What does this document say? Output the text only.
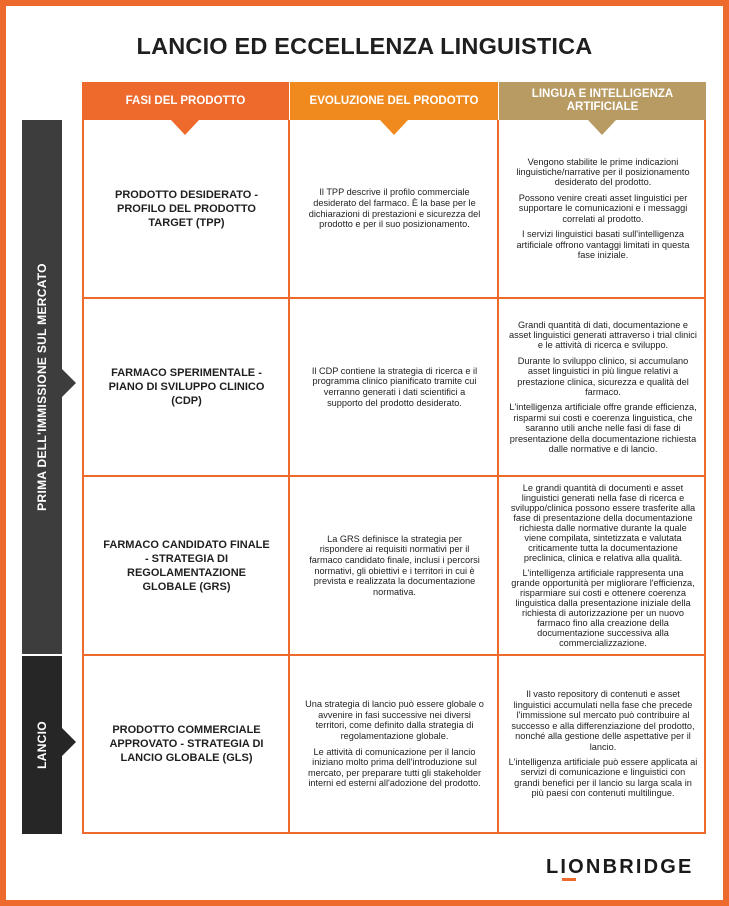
LANCIO ED ECCELLENZA LINGUISTICA
FASI DEL PRODOTTO	EVOLUZIONE DEL PRODOTTO
LINGUA E INTELLIGENZA ARTIFICIALE
PRIMA DELL'IMMISSIONE SUL MERCATO
LANCIO
PRODOTTO DESIDERATO - PROFILO DEL PRODOTTO TARGET (TPP)

Il TPP descrive il profilo commerciale desiderato del farmaco. È la base per le dichiarazioni di prestazioni e sicurezza del prodotto e per il suo posizionamento.

Vengono stabilite le prime indicazioni linguistiche/narrative per il posizionamento desiderato del prodotto.

Possono venire creati asset linguistici per supportare le comunicazioni e i messaggi correlati al prodotto.

I servizi linguistici basati sull'intelligenza artificiale offrono vantaggi limitati in questa fase iniziale.

FARMACO SPERIMENTALE - PIANO DI SVILUPPO CLINICO (CDP)

Il CDP contiene la strategia di ricerca e il programma clinico pianificato tramite cui verranno generati i dati scientifici a supporto del prodotto desiderato.

Grandi quantità di dati, documentazione e asset linguistici generati attraverso i trial clinici e le attività di ricerca e sviluppo.

Durante lo sviluppo clinico, si accumulano asset linguistici in più lingue relativi a prestazione clinica, sicurezza e qualità del farmaco.

L'intelligenza artificiale offre grande efficienza, risparmi sui costi e coerenza linguistica, che saranno utili anche nelle fasi di fase di presentazione della documentazione richiesta dalle normative e di lancio.

FARMACO CANDIDATO FINALE - STRATEGIA DI REGOLAMENTAZIONE GLOBALE (GRS)

La GRS definisce la strategia per rispondere ai requisiti normativi per il farmaco candidato finale, inclusi i percorsi normativi, gli obiettivi e i territori in cui è prevista e realizzata la documentazione normativa.

Le grandi quantità di documenti e asset linguistici generati nella fase di ricerca e sviluppo/clinica possono essere trasferite alla fase di presentazione della documentazione richiesta dalle normative durante la quale viene compilata, sintetizzata e valutata criticamente tutta la documentazione preclinica, clinica e relativa alla qualità.

L'intelligenza artificiale rappresenta una grande opportunità per migliorare l'efficienza, risparmiare sui costi e ottenere coerenza linguistica dalla presentazione iniziale della richiesta di autorizzazione per un nuovo farmaco fino alla creazione della documentazione successiva alla commercializzazione.

PRODOTTO COMMERCIALE APPROVATO - STRATEGIA DI LANCIO GLOBALE (GLS)

Una strategia di lancio può essere globale o avvenire in fasi successive nei diversi territori, come definito dalla strategia di regolamentazione globale.

Le attività di comunicazione per il lancio iniziano molto prima dell'introduzione sul mercato, per preparare tutti gli stakeholder interni ed esterni all'adozione del prodotto.

Il vasto repository di contenuti e asset linguistici accumulati nella fase che precede l'immissione sul mercato può contribuire al successo e alla differenziazione del prodotto, nonché alla gestione delle aspettative per il lancio.

L'intelligenza artificiale può essere applicata ai servizi di comunicazione e linguistici con grandi benefici per il lancio su larga scala in più paesi con contenuti multilingue.

LIONBRIDGE
